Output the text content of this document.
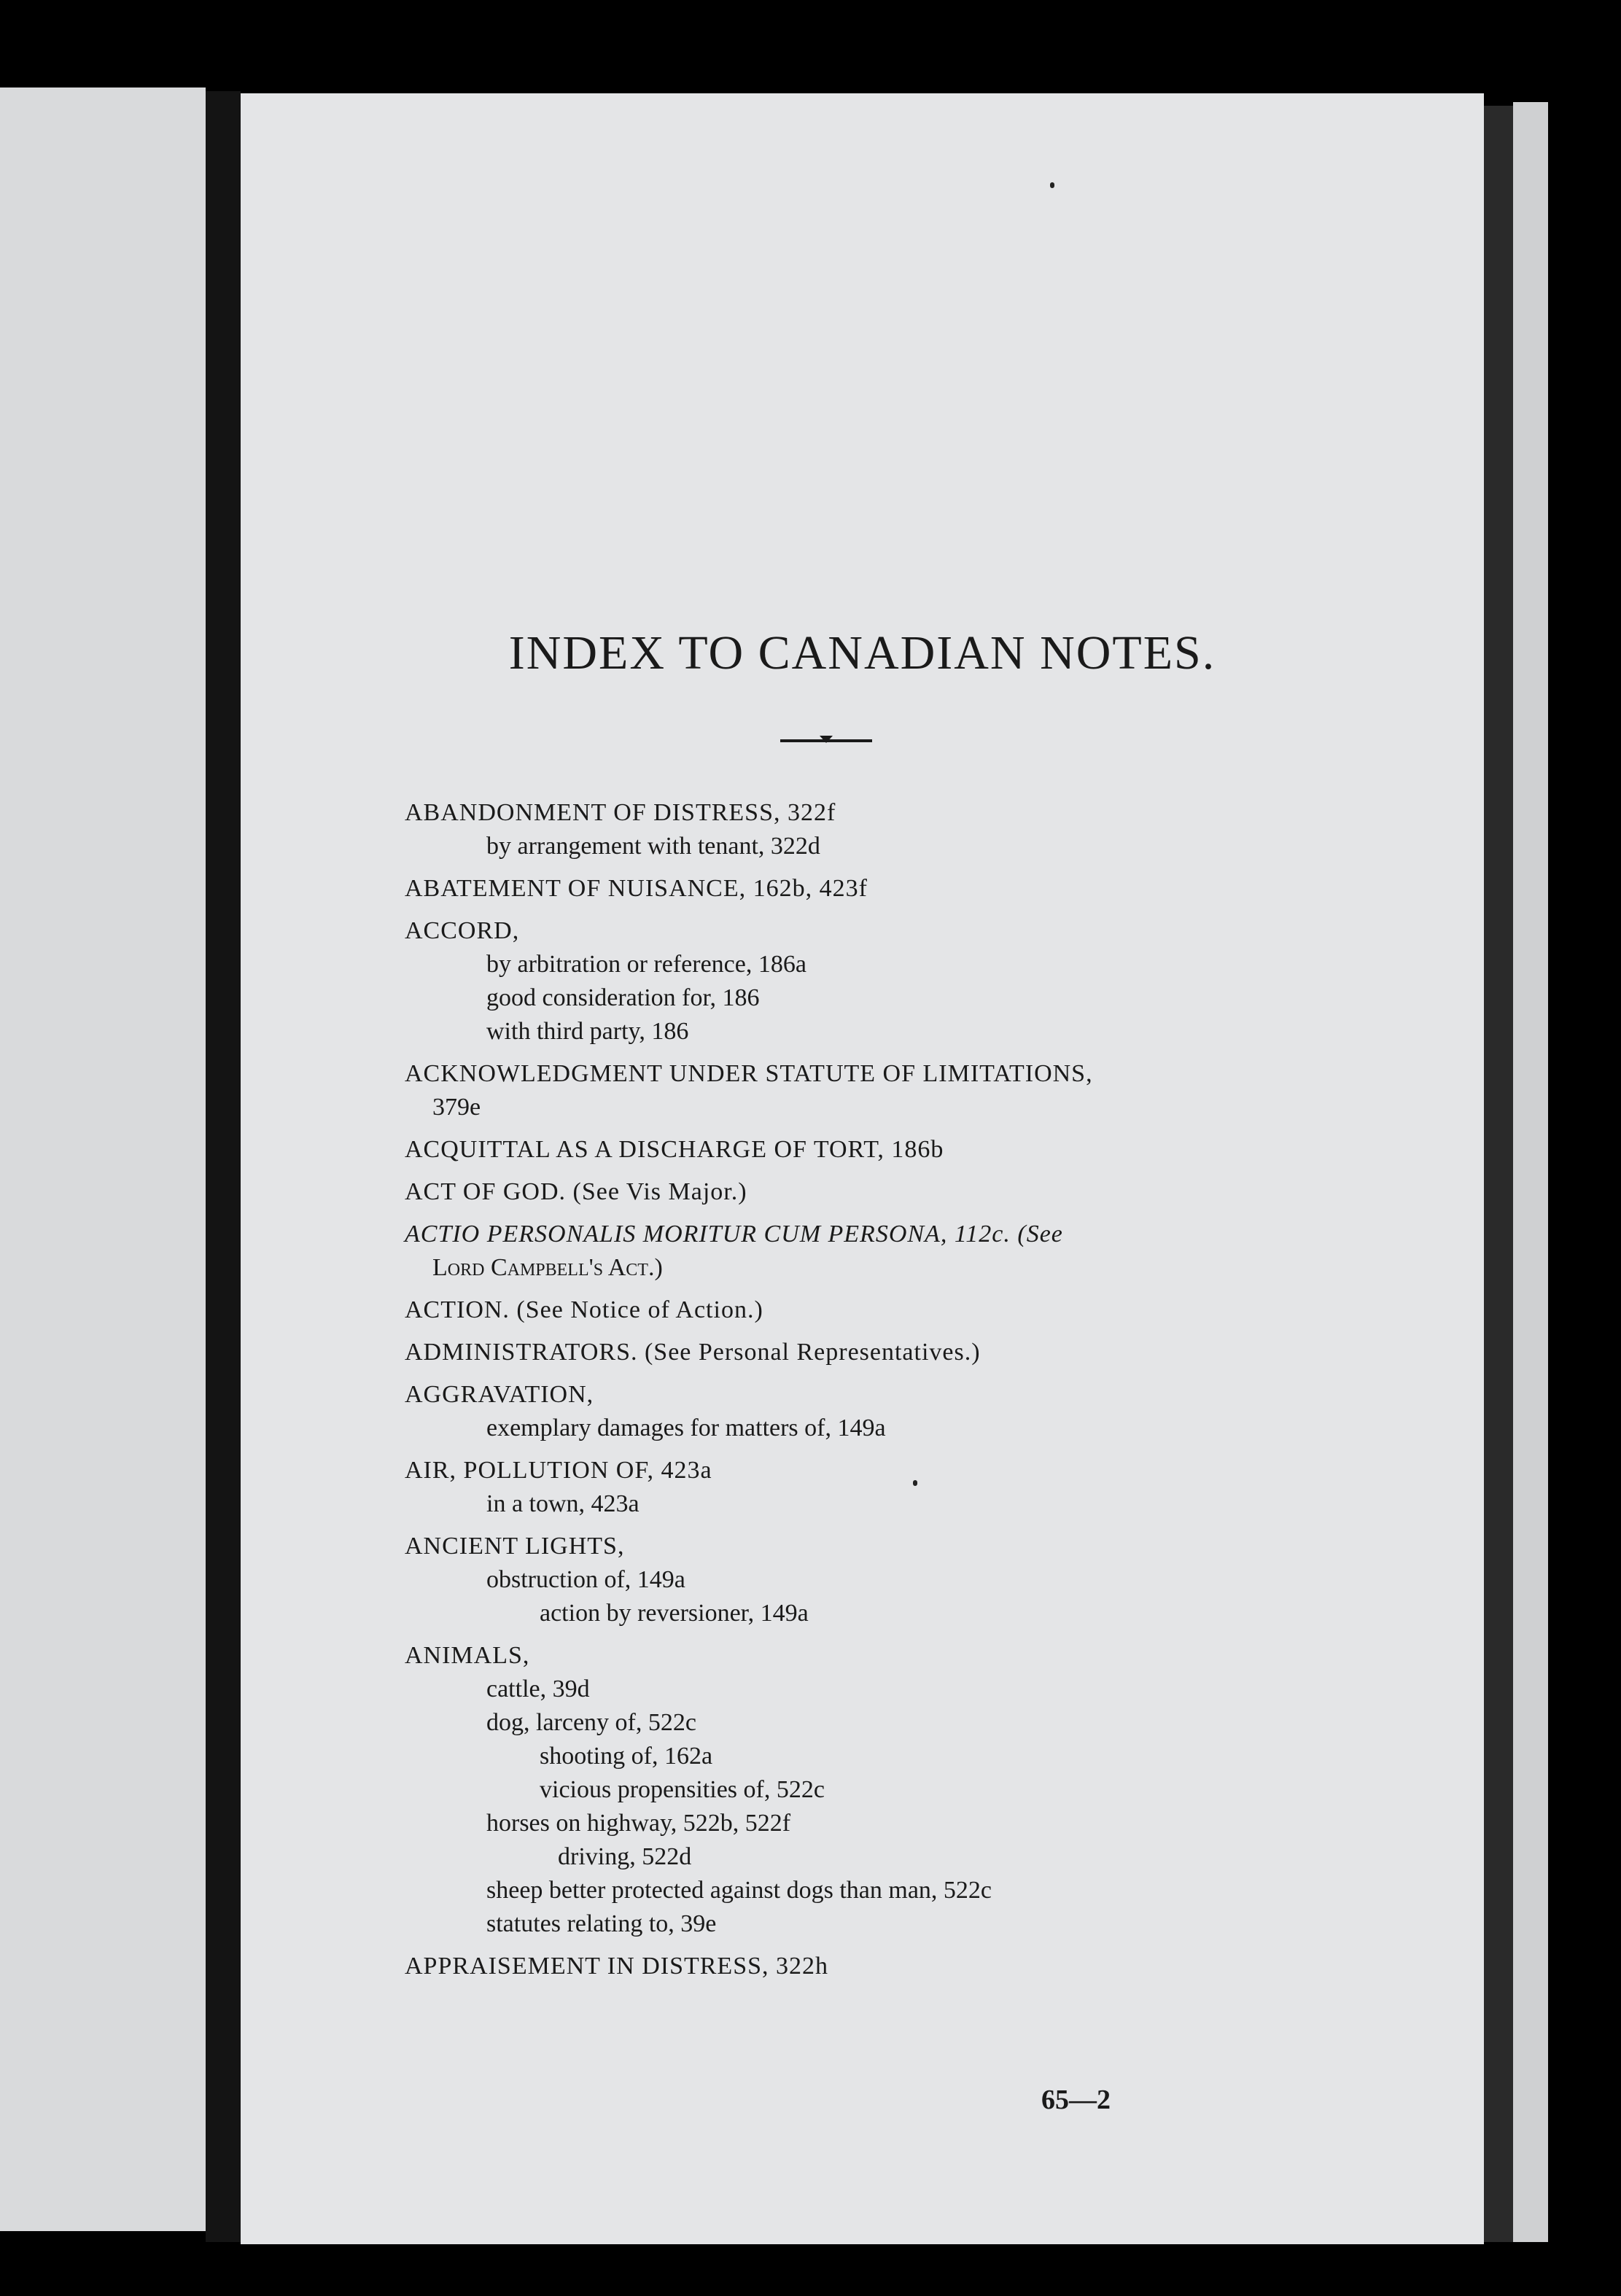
INDEX TO CANADIAN NOTES.
ABANDONMENT OF DISTRESS, 322f
by arrangement with tenant, 322d
ABATEMENT OF NUISANCE, 162b, 423f
ACCORD,
by arbitration or reference, 186a
good consideration for, 186
with third party, 186
ACKNOWLEDGMENT UNDER STATUTE OF LIMITATIONS,
379e
ACQUITTAL AS A DISCHARGE OF TORT, 186b
ACT OF GOD. (See Vis Major.)
ACTIO PERSONALIS MORITUR CUM PERSONA, 112c. (See
Lord Campbell's Act.)
ACTION. (See Notice of Action.)
ADMINISTRATORS. (See Personal Representatives.)
AGGRAVATION,
exemplary damages for matters of, 149a
AIR, POLLUTION OF, 423a
in a town, 423a
ANCIENT LIGHTS,
obstruction of, 149a
action by reversioner, 149a
ANIMALS,
cattle, 39d
dog, larceny of, 522c
shooting of, 162a
vicious propensities of, 522c
horses on highway, 522b, 522f
driving, 522d
sheep better protected against dogs than man, 522c
statutes relating to, 39e
APPRAISEMENT IN DISTRESS, 322h
65—2
